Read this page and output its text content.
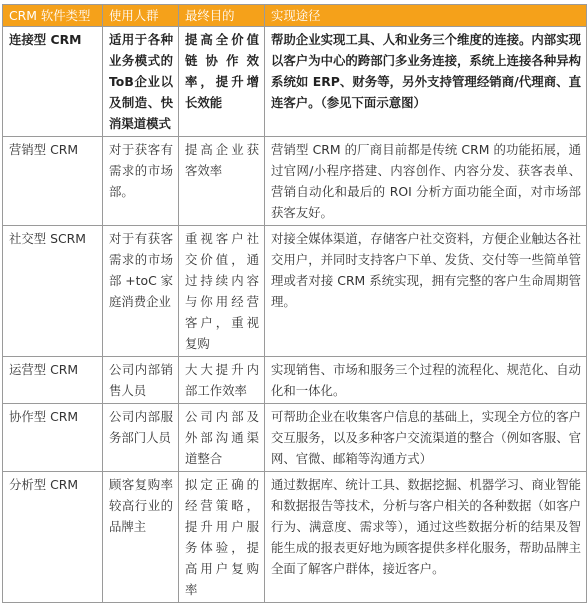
CRM 软件类型	使用人群	最终目的	实现途径
连接型 CRM	适用于各种业务模式的ToB企业以及制造、快消渠道模式	提高全价值链协作效率，提升增长效能	帮助企业实现工具、人和业务三个维度的连接。内部实现以客户为中心的跨部门多业务连接，系统上连接各种异构系统如 ERP、财务等，另外支持管理经销商/代理商、直连客户。（参见下面示意图）
营销型 CRM	对于获客有需求的市场部。	提高企业获客效率	营销型 CRM 的厂商目前都是传统 CRM 的功能拓展，通过官网/小程序搭建、内容创作、内容分发、获客表单、营销自动化和最后的 ROI 分析方面功能全面，对市场部获客友好。
社交型 SCRM	对于有获客需求的市场部+toC家庭消费企业	重视客户社交价值，通过持续内容与你用经营客户，重视复购	对接全媒体渠道，存储客户社交资料，方便企业触达各社交用户，并同时支持客户下单、发货、交付等一些简单管理或者对接 CRM 系统实现，拥有完整的客户生命周期管理。
运营型 CRM	公司内部销售人员	大大提升内部工作效率	实现销售、市场和服务三个过程的流程化、规范化、自动化和一体化。
协作型 CRM	公司内部服务部门人员	公司内部及外部沟通渠道整合	可帮助企业在收集客户信息的基础上，实现全方位的客户交互服务，以及多种客户交流渠道的整合（例如客服、官网、官微、邮箱等沟通方式）
分析型 CRM	顾客复购率较高行业的品牌主	拟定正确的经营策略，提升用户服务体验，提高用户复购率	通过数据库、统计工具、数据挖掘、机器学习、商业智能和数据报告等技术，分析与客户相关的各种数据（如客户行为、满意度、需求等），通过这些数据分析的结果及智能生成的报表更好地为顾客提供多样化服务，帮助品牌主全面了解客户群体，接近客户。
